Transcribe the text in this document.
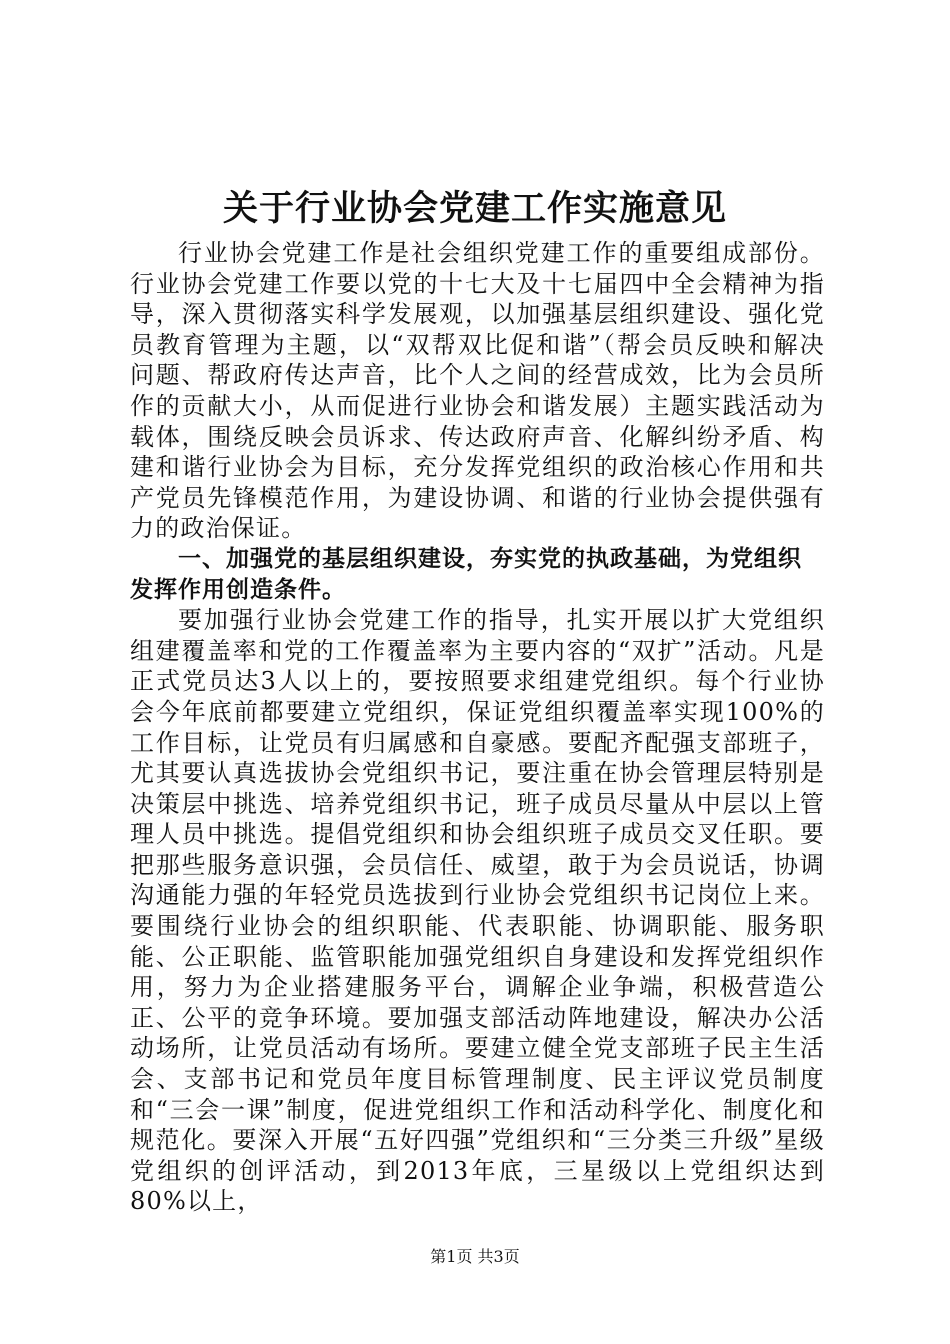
关于行业协会党建工作实施意见

行业协会党建工作是社会组织党建工作的重要组成部份。行业协会党建工作要以党的十七大及十七届四中全会精神为指导，深入贯彻落实科学发展观，以加强基层组织建设、强化党员教育管理为主题，以“双帮双比促和谐”（帮会员反映和解决问题、帮政府传达声音，比个人之间的经营成效，比为会员所作的贡献大小，从而促进行业协会和谐发展）主题实践活动为载体，围绕反映会员诉求、传达政府声音、化解纠纷矛盾、构建和谐行业协会为目标，充分发挥党组织的政治核心作用和共产党员先锋模范作用，为建设协调、和谐的行业协会提供强有力的政治保证。

一、加强党的基层组织建设，夯实党的执政基础，为党组织发挥作用创造条件。

要加强行业协会党建工作的指导，扎实开展以扩大党组织组建覆盖率和党的工作覆盖率为主要内容的“双扩”活动。凡是正式党员达3人以上的，要按照要求组建党组织。每个行业协会今年底前都要建立党组织，保证党组织覆盖率实现100%的工作目标，让党员有归属感和自豪感。要配齐配强支部班子，尤其要认真选拔协会党组织书记，要注重在协会管理层特别是决策层中挑选、培养党组织书记，班子成员尽量从中层以上管理人员中挑选。提倡党组织和协会组织班子成员交叉任职。要把那些服务意识强，会员信任、威望，敢于为会员说话，协调沟通能力强的年轻党员选拔到行业协会党组织书记岗位上来。要围绕行业协会的组织职能、代表职能、协调职能、服务职能、公正职能、监管职能加强党组织自身建设和发挥党组织作用，努力为企业搭建服务平台，调解企业争端，积极营造公正、公平的竞争环境。要加强支部活动阵地建设，解决办公活动场所，让党员活动有场所。要建立健全党支部班子民主生活会、支部书记和党员年度目标管理制度、民主评议党员制度和“三会一课”制度，促进党组织工作和活动科学化、制度化和规范化。要深入开展“五好四强”党组织和“三分类三升级”星级党组织的创评活动，到2013年底，三星级以上党组织达到80%以上，

第1页 共3页
